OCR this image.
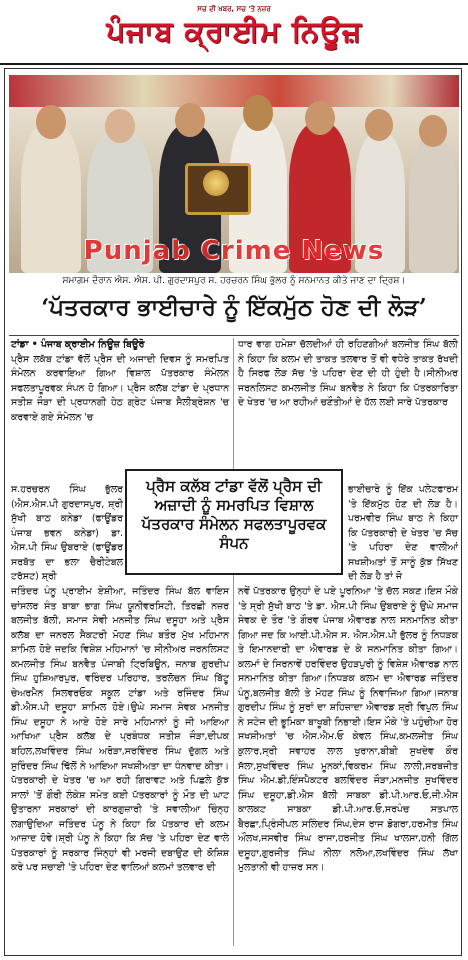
ਸਚ ਦੀ ਖਬਰ, ਸਚ 'ਤੇ ਨਜ਼ਰ
ਪੰਜਾਬ ਕ੍ਰਾਈਮ ਨਿਊਜ਼
Punjab Crime News
ਸਮਾਗਮ ਦੌਰਾਨ ਐਸ. ਐਸ. ਪੀ. ਗੁਰਦਾਸਪੁਰ ਸ. ਹਰਚਰਨ ਸਿੰਘ ਭੁੱਲਰ ਨੂੰ ਸਨਮਾਨਤ ਕੀਤੇ ਜਾਣ ਦਾ ਦ੍ਰਿਸ਼।
‘ਪੱਤਰਕਾਰ ਭਾਈਚਾਰੇ ਨੂੰ ਇੱਕਮੁੱਠ ਹੋਣ ਦੀ ਲੋੜ’

ਟਾਂਡਾ • ਪੰਜਾਬ ਕ੍ਰਾਈਮ ਨਿਊਜ਼ ਬਿਊਰੋ

ਪ੍ਰੈਸ ਲਕੱਬ ਟਾਂਡਾ ਵੱਲੋਂ ਪ੍ਰੈਸ ਦੀ ਅਜਾਦੀ ਦਿਵਸ ਨੂੰ ਸਮਰਪਿਤ ਸੰਮੇਲਨ ਕਰਵਾਇਆ ਗਿਆ ਵਿਸ਼ਾਲ ਪੱਤਰਕਾਰ ਸੰਮੇਲਨ ਸਫਲਤਾਪੂਰਵਕ ਸੰਪਨ ਹੋ ਗਿਆ। ਪ੍ਰੈਸ ਕਲੱਬ ਟਾਂਡਾ ਦੇ ਪ੍ਰਧਾਨ ਸਤੀਸ਼ ਜੌੜਾ ਦੀ ਪ੍ਰਧਾਨਗੀ ਹੇਠ ਗ੍ਰੇਟ ਪੰਜਾਬ ਸੈਲੀਬ੍ਰੇਸ਼ਨ 'ਚ ਕਰਵਾਏ ਗਏ ਸੰਮੇਲਨ 'ਚ

ਸ.ਹਰਚਰਨ ਸਿੰਘ ਭੁੱਲਰ (ਐਸ.ਐਸ.ਪੀ ਗੁਰਦਾਸਪੁਰ, ਸ਼੍ਰੀ ਸੁੱਖੀ ਬਾਠ ਕਨੇਡਾ (ਫਾਊਂਡਰ ਪੰਜਾਬ ਭਵਨ ਕਨੇਡਾ) ਡਾ. ਐਸ.ਪੀ ਸਿੰਘ ਉਬਰਾਏ (ਫਾਊਂਡਰ ਸਰਬੱਤ ਦਾ ਭਲਾ ਚੈਰੀਟੇਬਲ ਟਰੱਸਟ) ਸ਼੍ਰੀ
ਜਤਿੰਦਰ ਪੰਨੂ ਪ੍ਰਾਈਮ ਏਸ਼ੀਆ, ਜਤਿੰਦਰ ਸਿੰਘ ਬੱਲ ਵਾਇਸ ਚਾਂਸਲਰ ਸੰਤ ਬਾਬਾ ਭਾਗ ਸਿੰਘ ਯੂਨੀਵਰਸਿਟੀ, ਤਿਰਛੀ ਨਜ਼ਰ ਬਲਜੀਤ ਬੱਲੀ, ਸਮਾਜ ਸੇਵੀ ਮਨਜੀਤ ਸਿੰਘ ਦਸੂਹਾ ਅਤੇ ਪ੍ਰੈਸ ਕਲੱਬ ਦਾ ਜਨਰਲ ਸੈਕਟਰੀ ਮੋਹਣ ਸਿੰਘ ਬਤੌਰ ਮੁੱਖ ਮਹਿਮਾਨ ਸ਼ਾਮਿਲ ਹੋਏ ਜਦਕਿ ਵਿਸ਼ੇਸ਼ ਮਹਿਮਾਨਾਂ 'ਚ ਸੀਨੀਅਰ ਜਰਨਲਿਸਟ ਕਮਲਜੀਤ ਸਿੰਘ ਬਨਵੈਤ ਪੰਜਾਬੀ ਟ੍ਰਿਬਿਊਨ, ਜਨਾਬ ਗੁਰਦੀਪ ਸਿੰਘ ਹੁਸ਼ਿਆਰਪੁਰ, ਵਰਿੰਦਰ ਪਰਿਹਾਰ, ਤਰਲੋਚਨ ਸਿੰਘ ਬਿੱਟੂ ਚੇਅਰਮੈਨ ਸਿਲਵਰਓਕ ਸਕੂਲ ਟਾਂਡਾ ਅਤੇ ਰਜਿੰਦਰ ਸਿੰਘ ਡੀ.ਐਸ.ਪੀ ਦਸੂਹਾ ਸ਼ਾਮਿਲ ਹੋਏ।ਉਘੇ ਸਮਾਜ ਸੇਵਕ ਮਨਜੀਤ ਸਿੰਘ ਦਸੂਹਾ ਨੇ ਆਏ ਹੋਏ ਸਾਰੇ ਮਹਿਮਾਨਾਂ ਨੂੰ ਜੀ ਆਇਆ ਆਖਿਆ ਪ੍ਰੈਸ ਕਲੱਬ ਦੇ ਪ੍ਰਬੰਧਕ ਸਤੀਸ਼ ਜੌੜਾ,ਦੀਪਕ ਬਹਿਲ,ਲਖਵਿੰਦਰ ਸਿੰਘ ਅਰੋੜਾ,ਸਰਵਿੰਦਰ ਸਿੰਘ ਦੁੱਗਲ ਅਤੇ ਸੁਰਿੰਦਰ ਸਿੰਘ ਢਿੱਲੋਂ ਨੇ ਆਇਆ ਸਖਸ਼ੀਅਤਾ ਦਾ ਧੰਨਵਾਦ ਕੀਤਾ। ਪੱਤਰਕਾਰੀ ਦੇ ਖੇਤਰ 'ਚ ਆ ਰਹੀ ਗਿਰਾਵਟ ਅਤੇ ਪਿਛਲੇ ਕੁੱਝ ਸਾਲਾਂ 'ਤੋਂ ਗੌਰੀ ਲੰਕੇਸ਼ ਸਮੇਤ ਕਈ ਪੱਤਰਕਾਰਾਂ ਨੂੰ ਮੌਤ ਦੀ ਘਾਟ ਉਤਾਰਨਾ ਸਰਕਾਰਾਂ ਦੀ ਕਾਰਗੁਜ਼ਾਰੀ 'ਤੇ ਸਵਾਲੀਆ ਚਿੰਨ੍ਹ ਲਗਾਉਦਿਆ ਜਤਿੰਦਰ ਪੰਨੂ ਨੇ ਕਿਹਾ ਕਿ ਪੱਤਕਾਰ ਦੀ ਕਲਮ ਆਜ਼ਾਦ ਹੋਵੇ।ਸ਼੍ਰੀ ਪੰਨੂ ਨੇ ਕਿਹਾ ਕਿ ਸੱਚ 'ਤੇ ਪਹਿਰਾ ਦੇਣ ਵਾਲੇ ਪੱਤਰਕਾਰਾਂ ਨੂੰ ਸਰਕਾਰ ਜਿੰਨ੍ਹਾਂ ਵੀ ਮਰਜੀ ਦਬਾਉਣ ਦੀ ਕੋਸ਼ਿਸ਼ ਕਰੇ ਪਰ ਸਚਾਈ 'ਤੇ ਪਹਿਰਾ ਦੇਣ ਵਾਲਿਆਂ ਕਲਮਾਂ ਤਲਵਾਰ ਦੀ

ਧਾਰ ਵਾਗ ਹਮੇਸ਼ਾ ਚੱਲਦੀਆਂ ਹੀ ਰਹਿਣਗੀਆਂ ਬਲਜੀਤ ਸਿੰਘ ਬੱਲੀ ਨੇ ਕਿਹਾ ਕਿ ਕਲਮ ਦੀ ਤਾਕਤ ਤਲਵਾਰ ਤੋਂ ਵੀ ਵਧੇਰੇ ਤਾਕਤ ਰੱਖਦੀ ਹੈ ਸਿਰਫ ਲੋੜ ਸੱਚ 'ਤੇ ਪਹਿਰਾ ਦੇਣ ਦੀ ਹੀ ਹੁੰਦੀ ਹੈ।ਸੀਨੀਅਰ ਜਰਨਲਿਸਟ ਕਮਲਜੀਤ ਸਿੰਘ ਬਨਵੈਤ ਨੇ ਕਿਹਾ ਕਿ ਪੱਤਰਕਾਰਿਤਾ ਦੇ ਖੇਤਰ 'ਚ ਆ ਰਹੀਆਂ ਚਣੌਤੀਆਂ ਦੇ ਹੱਲ ਲਈ ਸਾਰੇ ਪੱਤਰਕਾਰ

ਭਾਈਚਾਰੇ ਨੂੰ ਇੱਕ ਪਲੇਟਫਾਰਮ 'ਤੇ ਇੱਕਮੁੱਠ ਹੋਣ ਦੀ ਲੋੜ ਹੈ।ਪਰਮਵੀਰ ਸਿੰਘ ਬਾਠ ਨੇ ਕਿਹਾ ਕਿ ਪੱਤਰਕਾਰੀ ਦੇ ਖੇਤਰ 'ਚ ਸੱਚ 'ਤੇ ਪਹਿਰਾ ਦੇਣ ਵਾਲੀਆਂ ਸਖਸ਼ੀਅਤਾਂ ਤੋਂ ਸਾਨੂੰ ਕੁੱਝ ਸਿੱਖਣ ਦੀ ਲੋੜ ਹੈ ਤਾਂ ਜੋ
ਨਵੇਂ ਪੱਤਰਕਾਰ ਉਨ੍ਹਾਂ ਦੇ ਪਏ ਪੂਰਨਿਆ 'ਤੇ ਚੱਲ ਸਕਣ।ਇਸ ਮੌਕੇ 'ਤੇ ਸ੍ਰੀ ਸੁੱਖੀ ਬਾਠ 'ਤੇ ਡਾ. ਐਸ.ਪੀ ਸਿੰਘ ਉਬਰਾਏ ਨੂੰ ਉਘੇ ਸਮਾਜ ਸੇਵਕ ਦੇ ਤੌਰ 'ਤੇ ਗੌਰਵ ਪੰਜਾਬ ਐਵਾਰਡ ਨਾਲ ਸਨਮਾਨਿਤ ਕੀਤਾ ਗਿਆ ਜਦ ਕਿ ਆਈ.ਪੀ.ਐਸ ਸ. ਐਸ.ਐਸ.ਪੀ ਭੁੱਲਰ ਨੂੰ ਨਿਧੜਕ ਤੇ ਇਮਾਨਦਾਰੀ ਦਾ ਐਵਾਰਡ ਦੇ ਕੇ ਸਨਮਾਨਿਤ ਕੀਤਾ ਗਿਆ।ਕਲਮਾਂ ਦੇ ਸਿਰਨਾਵੇਂ ਹਰਵਿੰਦਰ ਉਹੜਪੁਰੀ ਨੂੰ ਵਿਸ਼ੇਸ਼ ਐਵਾਰਡ ਨਾਲ ਸਨਮਾਨਿਤ ਕੀਤਾ ਗਿਆ।ਨਿਧੜਕ ਕਲਮ ਦਾ ਐਵਾਰਡ ਜਤਿੰਦਰ ਪੰਨੂ,ਬਲਜੀਤ ਬੱਲੀ ਤੇ ਮੋਹਣ ਸਿੰਘ ਨੂੰ ਨਿਵਾਜਿਆ ਗਿਆ।ਜਨਾਬ ਗੁਰਦੀਪ ਸਿੰਘ ਨੂੰ ਸੁਰਾਂ ਦਾ ਸ਼ਹਿਜ਼ਾਦਾ ਐਵਾਰਡ ਸ਼੍ਰੀ ਵਿਪੁਲ ਸਿੰਘ ਨੇ ਸਟੇਜ ਦੀ ਭੂਮਿਕਾ ਬਾਖੂਬੀ ਨਿਭਾਈ।ਇਸ ਮੌਕੇ 'ਤੇ ਪਹੁੰਚੀਆ ਹੋਰ ਸਖਸ਼ੀਅਤਾਂ 'ਚ ਐਸ.ਐਮ.ਓ ਕੇਵਲ ਸਿੰਘ,ਕਮਲਜੀਤ ਸਿੰਘ ਕੁਲਾਰ,ਸ੍ਰੀ ਸਵਾਹਰ ਲਾਲ ਖੁਰਾਨਾ,ਬੀਬੀ ਸੁਖਦੇਵ ਕੌਰ ਸੱਲਾ,ਸੁਖਵਿੰਦਰ ਸਿੰਘ ਮੂਨਕਾਂ,ਵਿਕਰਮ ਸਿੰਘ ਲਾਲੀ,ਸਰਬਜੀਤ ਸਿੰਘ ਐਮ.ਡੀ,ਇੰਸਪੈਕਟਰ ਬਲਵਿੰਦਰ ਜੌੜਾ,ਮਨਜੀਤ ਸੁਖਵਿੰਦਰ ਸਿੰਘ ਦਸੂਹਾ,ਡੀ.ਐਸ ਬੱਲੀ ਸਾਬਕਾ ਡੀ.ਪੀ.ਆਰ.ਓ,ਜੀ.ਐਸ ਕਾਲਕਟ ਸਾਬਕਾ ਡੀ.ਪੀ.ਆਰ.ਓ,ਸਰਪੰਚ ਸਤਪਾਲ ਬੈਰਛਾ,ਪ੍ਰਿੰਸੀਪਲ ਸਲਿੰਦਰ ਸਿੰਘ,ਦੇਸ ਰਾਜ ਡੋਗਰਾ,ਹਰਮੀਤ ਸਿੰਘ ਔਲਖ,ਜਸਵੀਰ ਸਿੰਘ ਰਾਜਾ,ਹਰਜੀਤ ਸਿੰਘ ਖਾਲਸਾ,ਹਨੀ ਗਿੱਲ ਦਸੂਹਾ,ਗੁਰਜੀਤ ਸਿੰਘ ਨੀਲਾ ਨਲੋਆ,ਲਖਵਿੰਦਰ ਸਿੰਘ ਲੱਖਾ ਮੁਲਤਾਨੀ ਵੀ ਹਾਜ਼ਰ ਸਨ।
ਪ੍ਰੈਸ ਕਲੱਬ ਟਾਂਡਾ ਵੱਲੋਂ ਪ੍ਰੈਸ ਦੀ ਅਜ਼ਾਦੀ ਨੂੰ ਸਮਰਪਿਤ ਵਿਸ਼ਾਲ ਪੱਤਰਕਾਰ ਸੰਮੇਲਨ ਸਫਲਤਾਪੂਰਵਕ ਸੰਪਨ
